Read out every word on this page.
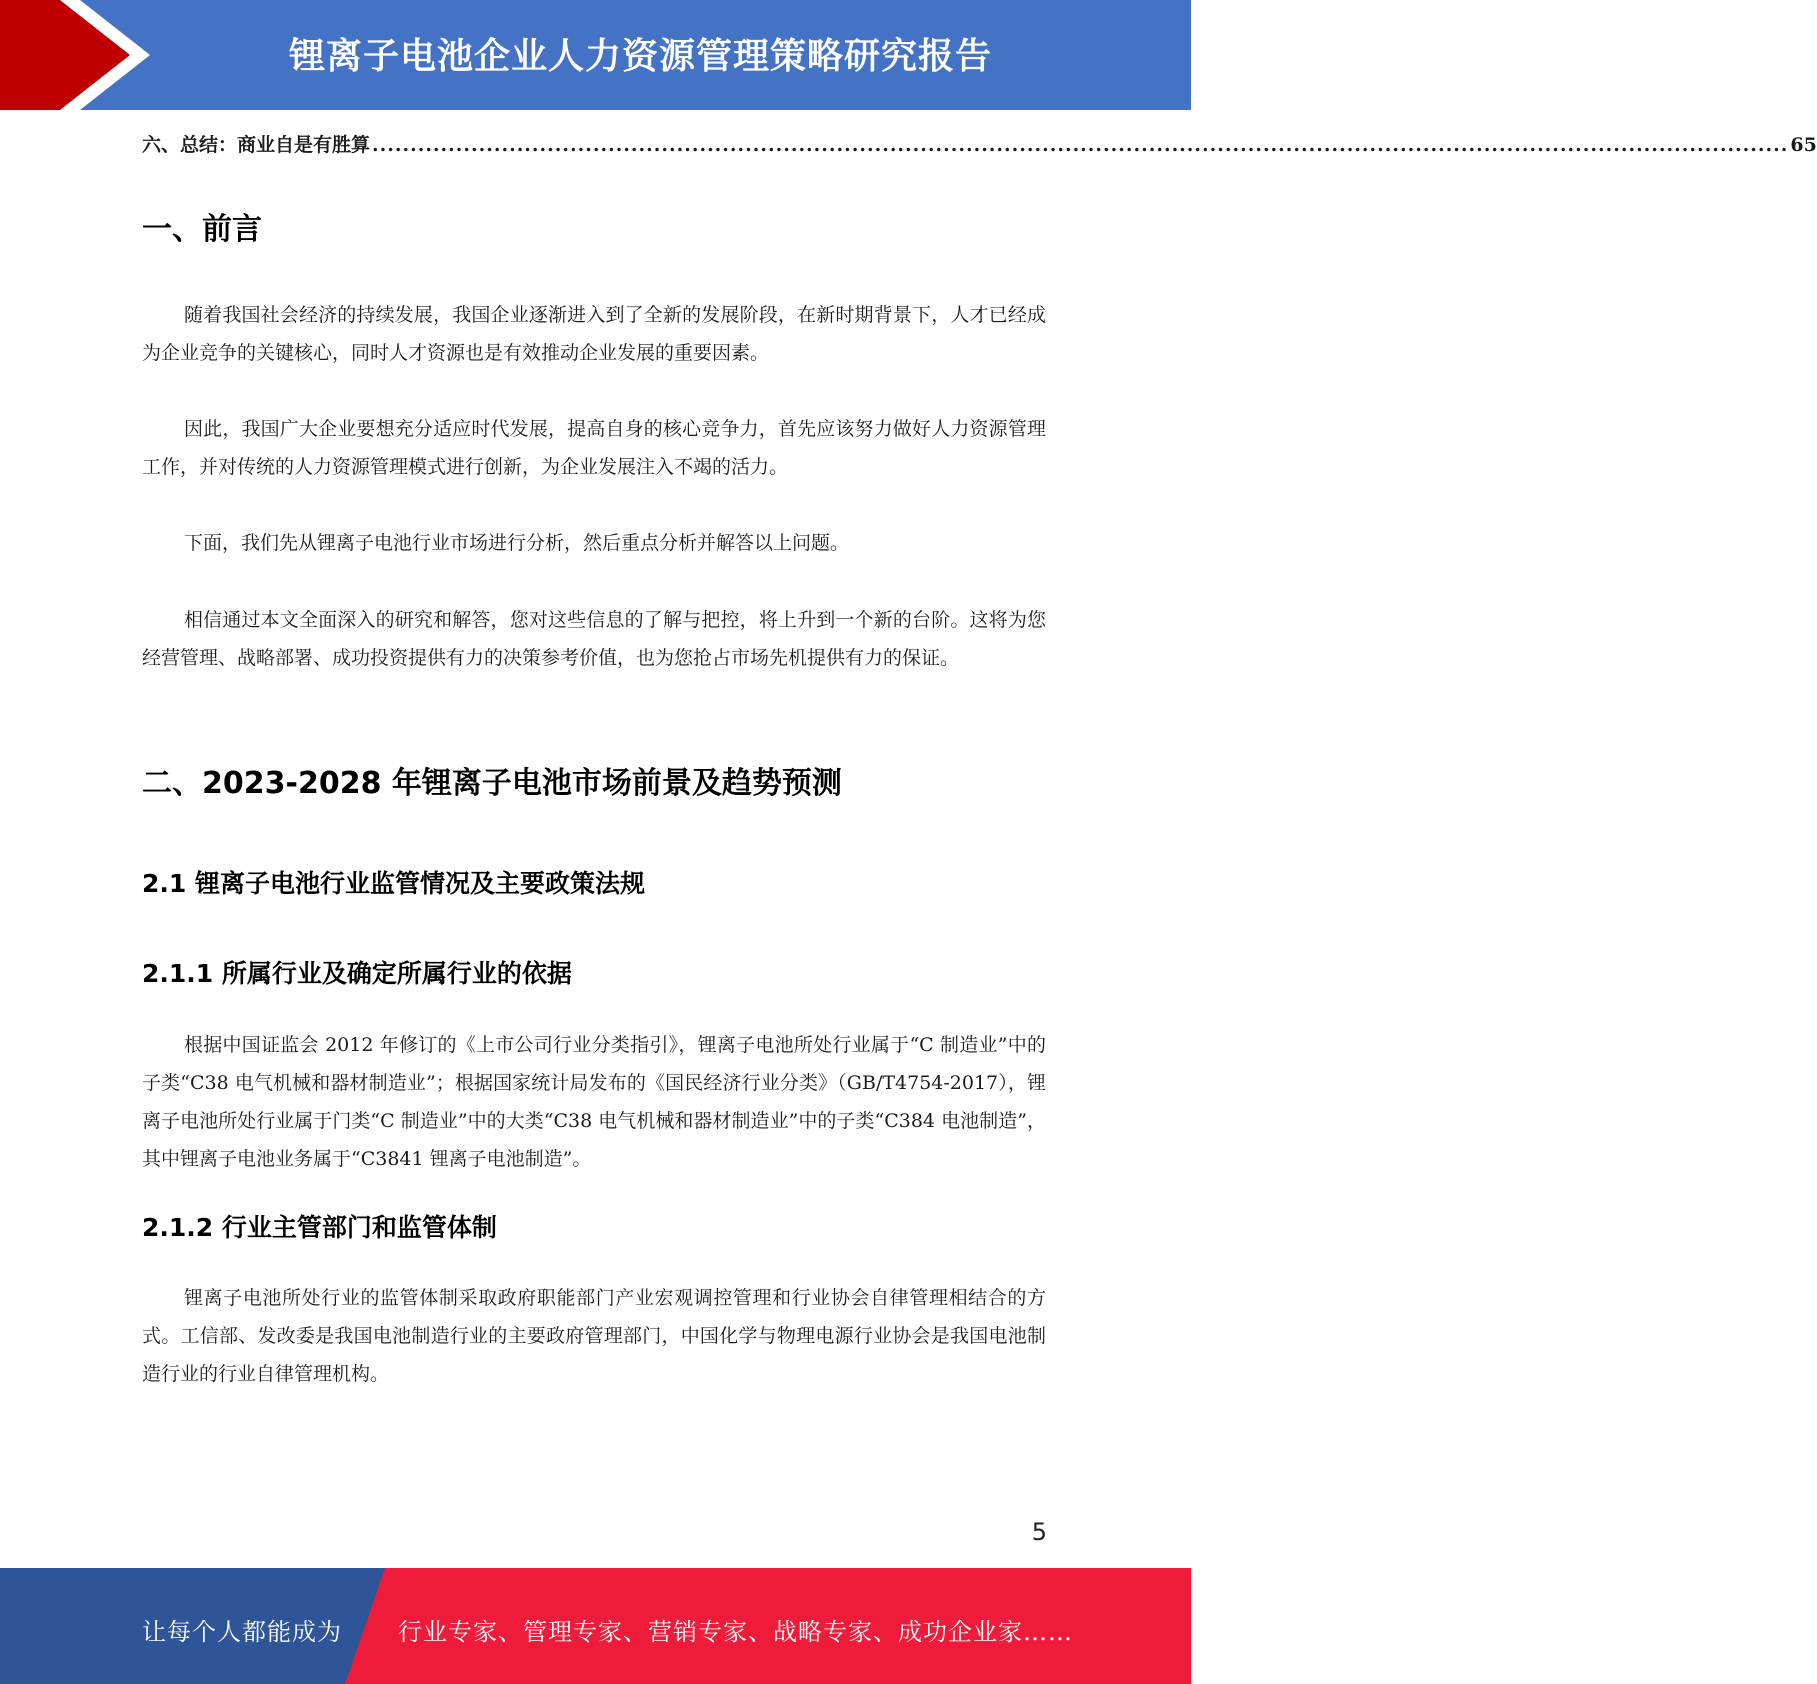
锂离子电池企业人力资源管理策略研究报告
六、总结：商业自是有胜算 .......................................................................................................................................................................................... 65
一、前言
随着我国社会经济的持续发展，我国企业逐渐进入到了全新的发展阶段，在新时期背景下，人才已经成为企业竞争的关键核心，同时人才资源也是有效推动企业发展的重要因素。
因此，我国广大企业要想充分适应时代发展，提高自身的核心竞争力，首先应该努力做好人力资源管理工作，并对传统的人力资源管理模式进行创新，为企业发展注入不竭的活力。
下面，我们先从锂离子电池行业市场进行分析，然后重点分析并解答以上问题。
相信通过本文全面深入的研究和解答，您对这些信息的了解与把控，将上升到一个新的台阶。这将为您经营管理、战略部署、成功投资提供有力的决策参考价值，也为您抢占市场先机提供有力的保证。
二、2023-2028 年锂离子电池市场前景及趋势预测
2.1 锂离子电池行业监管情况及主要政策法规
2.1.1 所属行业及确定所属行业的依据
根据中国证监会 2012 年修订的《上市公司行业分类指引》，锂离子电池所处行业属于“C 制造业”中的子类“C38 电气机械和器材制造业”；根据国家统计局发布的《国民经济行业分类》（GB/T4754-2017），锂离子电池所处行业属于门类“C 制造业”中的大类“C38 电气机械和器材制造业”中的子类“C384 电池制造”，其中锂离子电池业务属于“C3841 锂离子电池制造”。
2.1.2 行业主管部门和监管体制
锂离子电池所处行业的监管体制采取政府职能部门产业宏观调控管理和行业协会自律管理相结合的方式。工信部、发改委是我国电池制造行业的主要政府管理部门，中国化学与物理电源行业协会是我国电池制造行业的行业自律管理机构。
5
让每个人都能成为 行业专家、管理专家、营销专家、战略专家、成功企业家……
